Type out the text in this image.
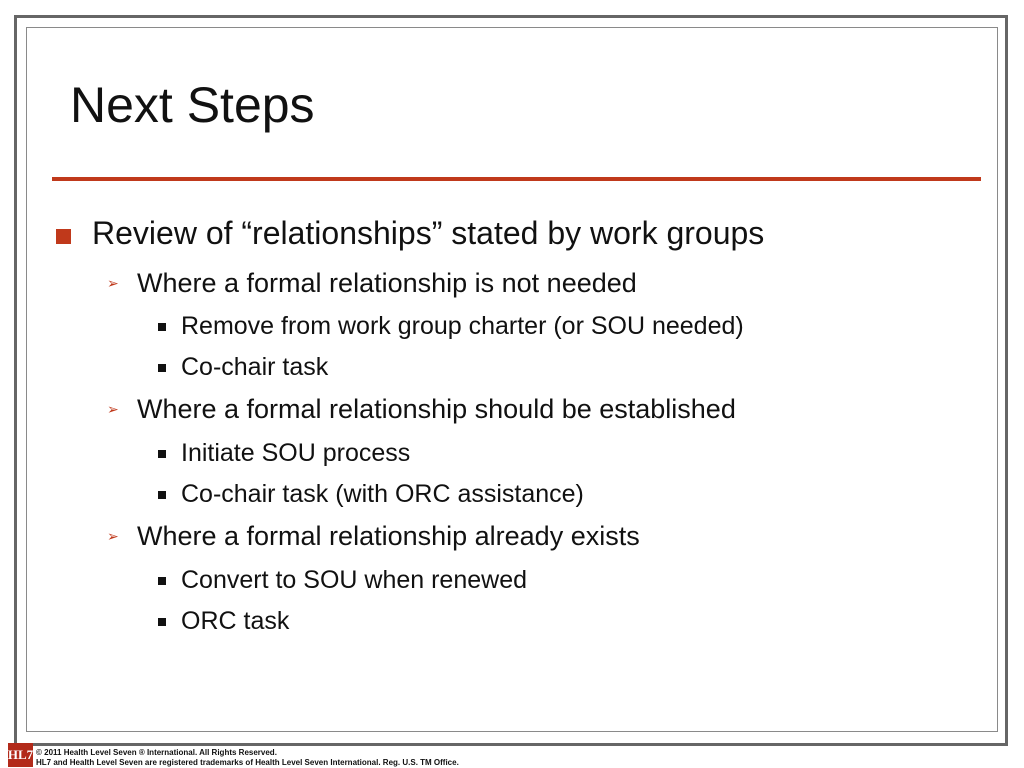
Next Steps
Review of “relationships” stated by work groups
➢ Where a formal relationship is not needed
Remove from work group charter (or SOU needed)
Co-chair task
➢ Where a formal relationship should be established
Initiate SOU process
Co-chair task (with ORC assistance)
➢ Where a formal relationship already exists
Convert to SOU when renewed
ORC task
HL7 © 2011 Health Level Seven ® International. All Rights Reserved.
HL7 and Health Level Seven are registered trademarks of Health Level Seven International. Reg. U.S. TM Office.
